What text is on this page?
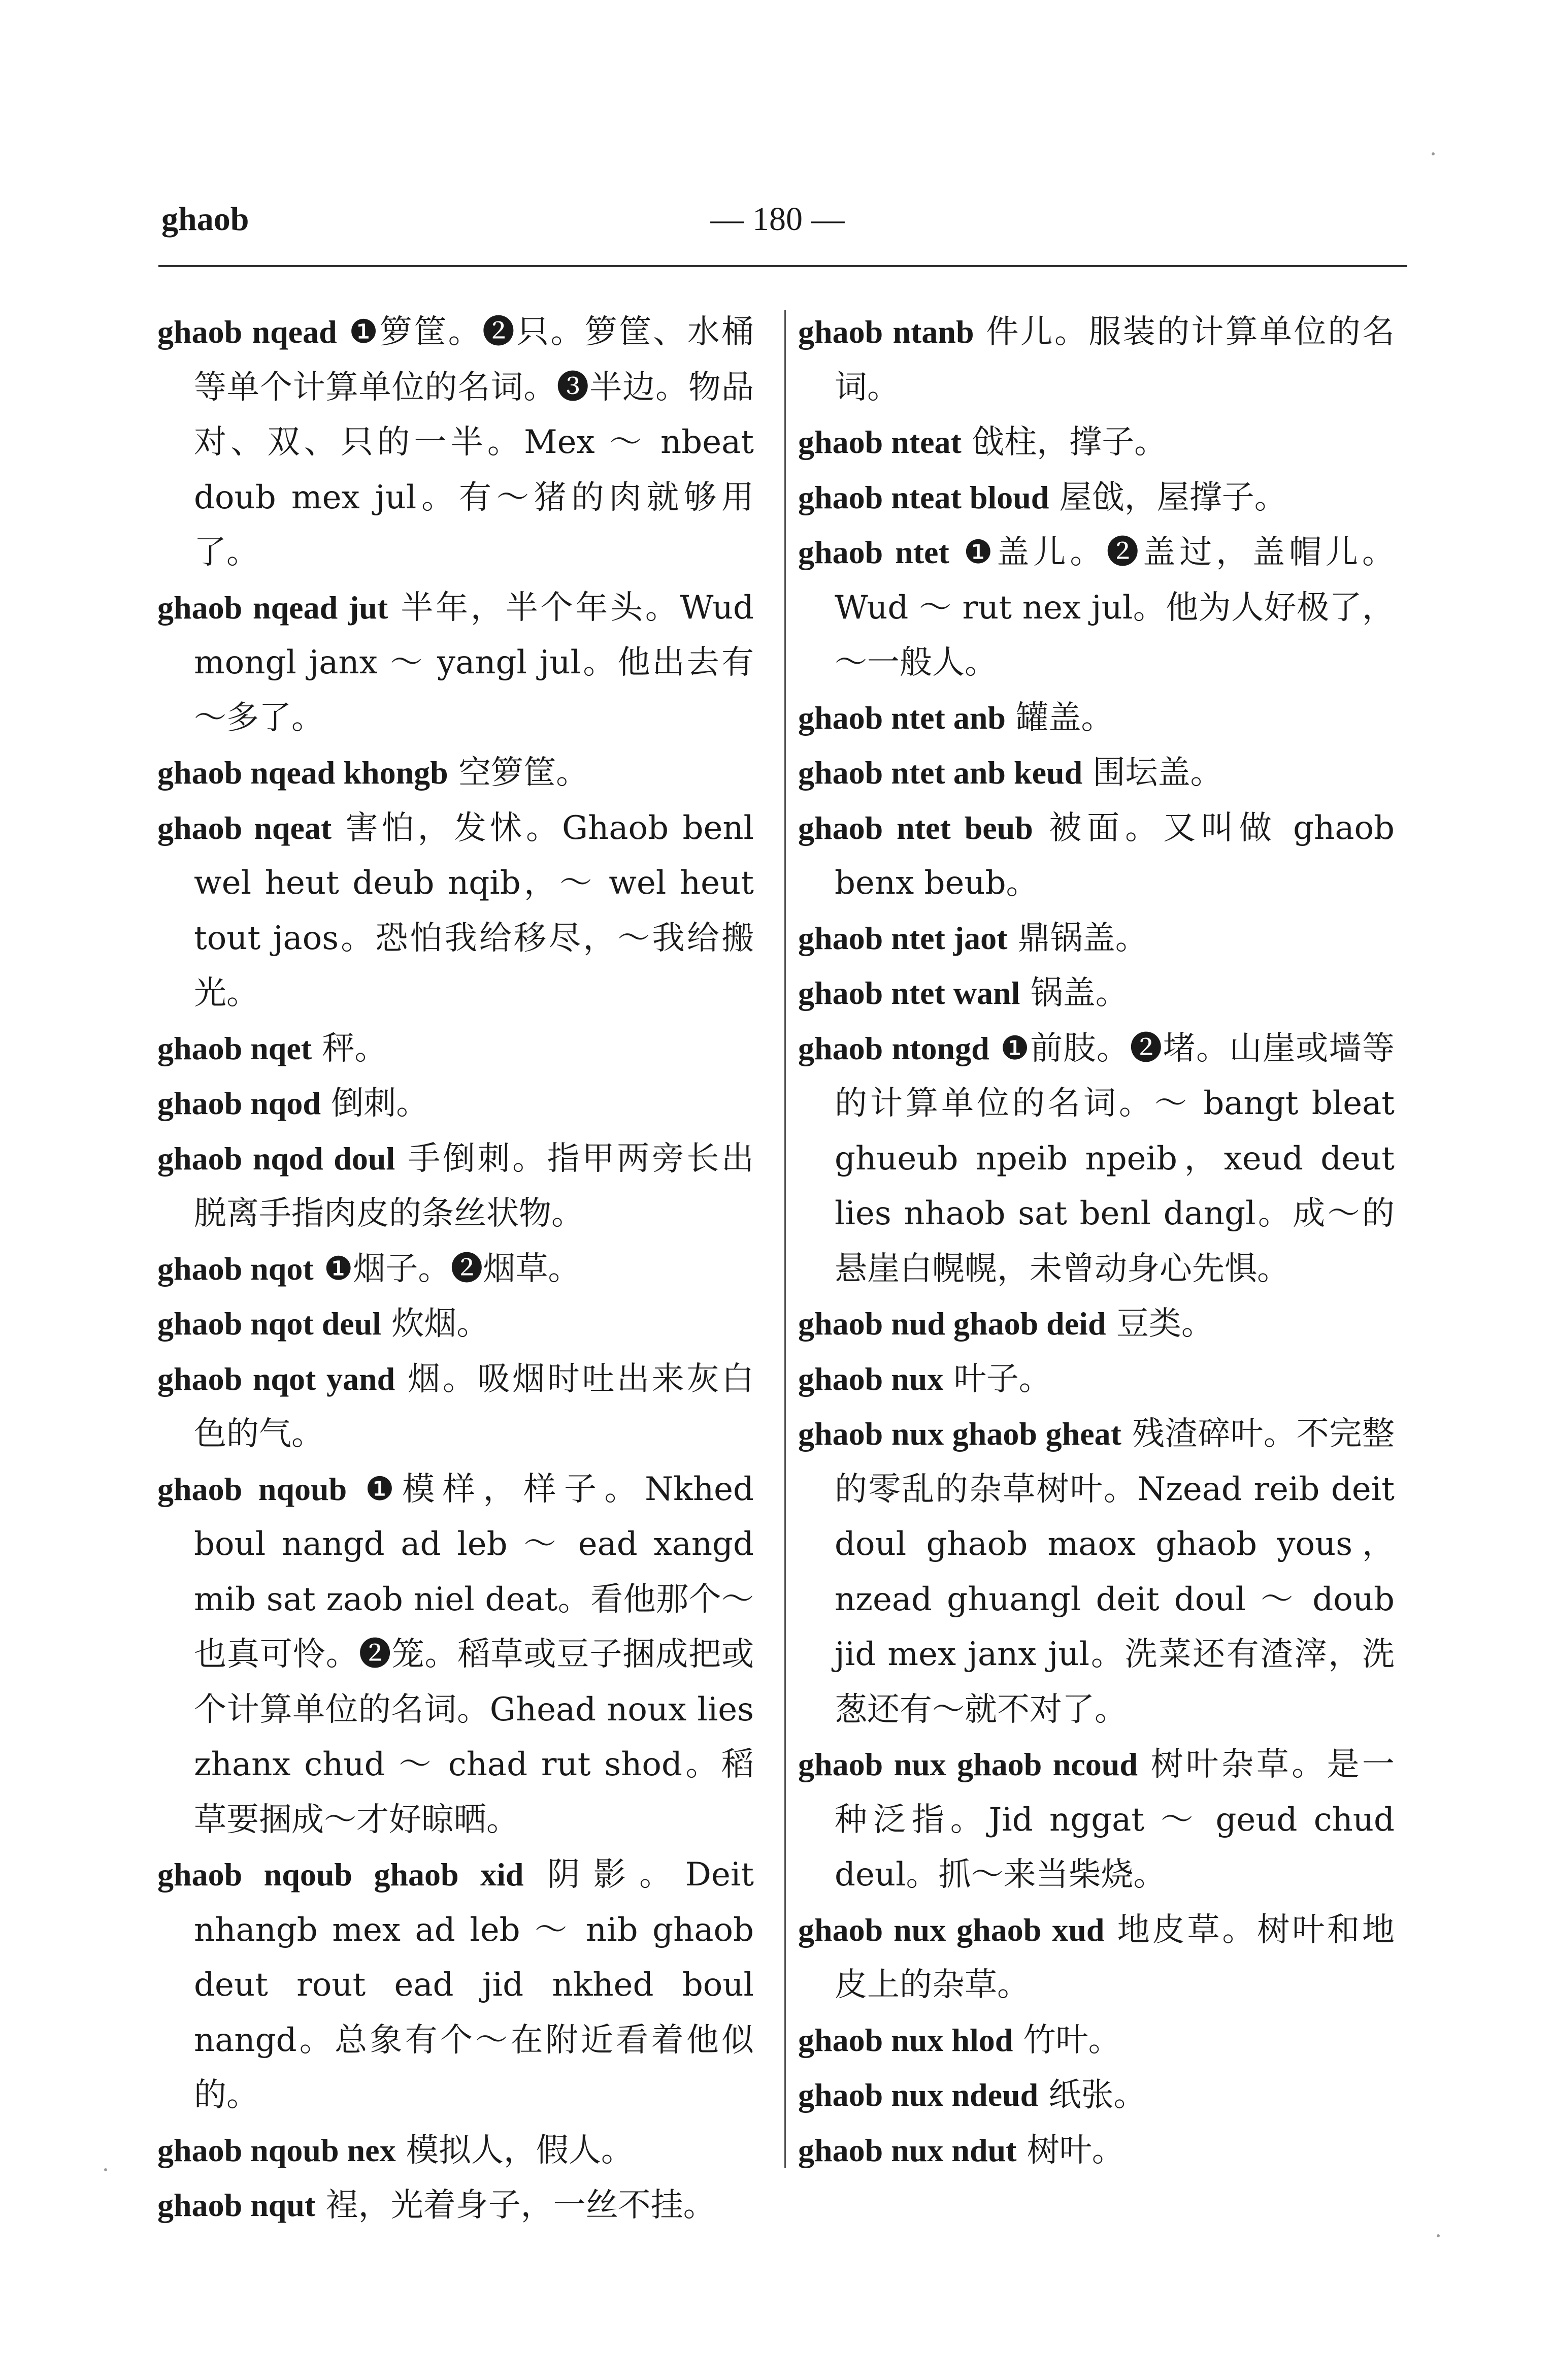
ghaob	— 180 —

ghaob nqead ❶箩筐。❷只。箩筐、水桶等单个计算单位的名词。❸半边。物品对、双、只的一半。Mex ～ nbeat doub mex jul。有～猪的肉就够用了。

ghaob nqead jut 半年，半个年头。Wud mongl janx ～ yangl jul。他出去有～多了。

ghaob nqead khongb 空箩筐。

ghaob nqeat 害怕，发怵。Ghaob benl wel heut deub nqib，～ wel heut tout jaos。恐怕我给移尽，～我给搬光。

ghaob nqet 秤。

ghaob nqod 倒刺。

ghaob nqod doul 手倒刺。指甲两旁长出脱离手指肉皮的条丝状物。

ghaob nqot ❶烟子。❷烟草。

ghaob nqot deul 炊烟。

ghaob nqot yand 烟。吸烟时吐出来灰白色的气。

ghaob nqoub ❶模样，样子。Nkhed boul nangd ad leb ～ ead xangd mib sat zaob niel deat。看他那个～也真可怜。❷笼。稻草或豆子捆成把或个计算单位的名词。Ghead noux lies zhanx chud ～ chad rut shod。稻草要捆成～才好晾晒。

ghaob nqoub ghaob xid 阴影。Deit nhangb mex ad leb ～ nib ghaob deut rout ead jid nkhed boul nangd。总象有个～在附近看着他似的。

ghaob nqoub nex 模拟人，假人。

ghaob nqut 裎，光着身子，一丝不挂。

ghaob ntanb 件儿。服装的计算单位的名词。

ghaob nteat 戗柱，撑子。

ghaob nteat bloud 屋戗，屋撑子。

ghaob ntet ❶盖儿。❷盖过，盖帽儿。Wud ～ rut nex jul。他为人好极了，～一般人。

ghaob ntet anb 罐盖。

ghaob ntet anb keud 围坛盖。

ghaob ntet beub 被面。又叫做 ghaob benx beub。

ghaob ntet jaot 鼎锅盖。

ghaob ntet wanl 锅盖。

ghaob ntongd ❶前肢。❷堵。山崖或墙等的计算单位的名词。～ bangt bleat ghueub npeib npeib，xeud deut lies nhaob sat benl dangl。成～的悬崖白幌幌，未曾动身心先惧。

ghaob nud ghaob deid 豆类。

ghaob nux 叶子。

ghaob nux ghaob gheat 残渣碎叶。不完整的零乱的杂草树叶。Nzead reib deit doul ghaob maox ghaob yous，nzead ghuangl deit doul ～ doub jid mex janx jul。洗菜还有渣滓，洗葱还有～就不对了。

ghaob nux ghaob ncoud 树叶杂草。是一种泛指。Jid nggat ～ geud chud deul。抓～来当柴烧。

ghaob nux ghaob xud 地皮草。树叶和地皮上的杂草。

ghaob nux hlod 竹叶。

ghaob nux ndeud 纸张。

ghaob nux ndut 树叶。
